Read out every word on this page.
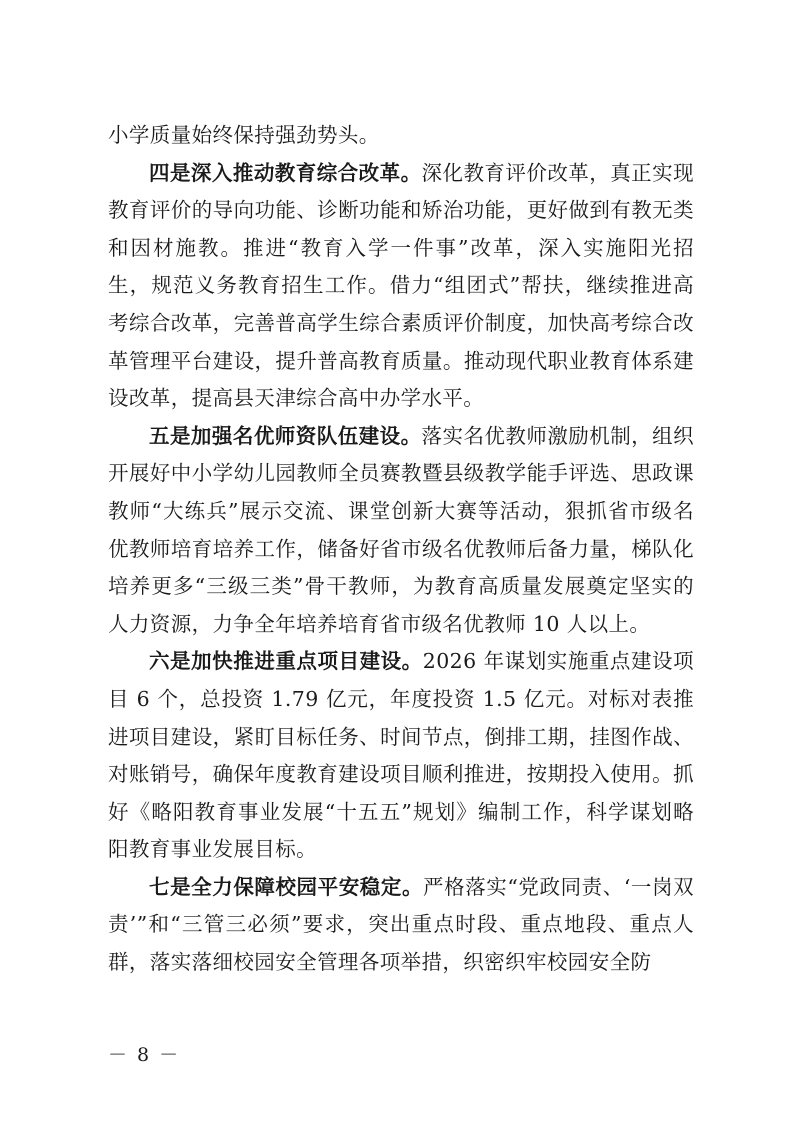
小学质量始终保持强劲势头。

四是深入推动教育综合改革。深化教育评价改革，真正实现教育评价的导向功能、诊断功能和矫治功能，更好做到有教无类和因材施教。推进“教育入学一件事”改革，深入实施阳光招生，规范义务教育招生工作。借力“组团式”帮扶，继续推进高考综合改革，完善普高学生综合素质评价制度，加快高考综合改革管理平台建设，提升普高教育质量。推动现代职业教育体系建设改革，提高县天津综合高中办学水平。

五是加强名优师资队伍建设。落实名优教师激励机制，组织开展好中小学幼儿园教师全员赛教暨县级教学能手评选、思政课教师“大练兵”展示交流、课堂创新大赛等活动，狠抓省市级名优教师培育培养工作，储备好省市级名优教师后备力量，梯队化培养更多“三级三类”骨干教师，为教育高质量发展奠定坚实的人力资源，力争全年培养培育省市级名优教师 10 人以上。

六是加快推进重点项目建设。2026 年谋划实施重点建设项目 6 个，总投资 1.79 亿元，年度投资 1.5 亿元。对标对表推进项目建设，紧盯目标任务、时间节点，倒排工期，挂图作战、对账销号，确保年度教育建设项目顺利推进，按期投入使用。抓好《略阳教育事业发展“十五五”规划》编制工作，科学谋划略阳教育事业发展目标。

七是全力保障校园平安稳定。严格落实“党政同责、‘一岗双责’”和“三管三必须”要求，突出重点时段、重点地段、重点人群，落实落细校园安全管理各项举措，织密织牢校园安全防

－ 8 －
